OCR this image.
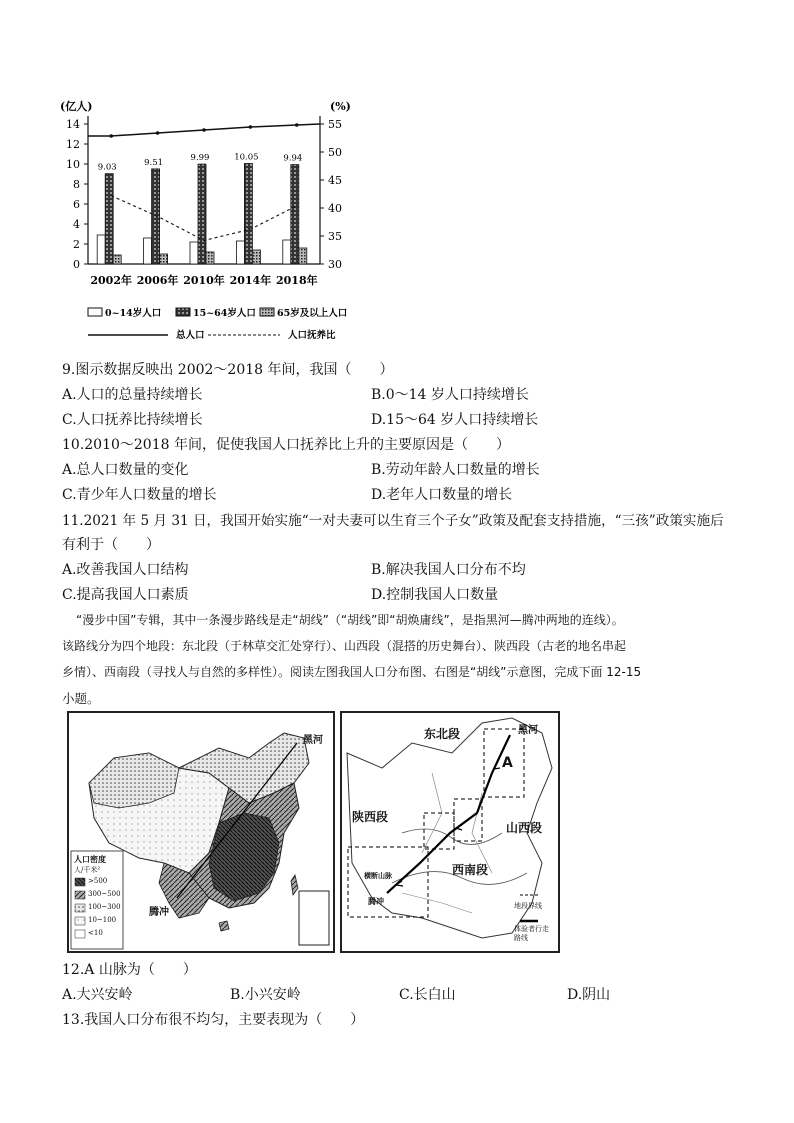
(亿人)	(%)
0
2
4
6
8
10
12
14
30
35
40
45
50
55
2002年 2006年 2010年 2014年 2018年
9.03	9.51	9.99	10.05	9.94
0~14岁人口	15~64岁人口 65岁及以上人口
总人口	人口抚养比
9.图示数据反映出 2002～2018 年间，我国（　　）
A.人口的总量持续增长	B.0～14 岁人口持续增长
C.人口抚养比持续增长	D.15～64 岁人口持续增长
10.2010～2018 年间，促使我国人口抚养比上升的主要原因是（　　）
A.总人口数量的变化	B.劳动年龄人口数量的增长
C.青少年人口数量的增长	D.老年人口数量的增长
11.2021 年 5 月 31 日，我国开始实施“一对夫妻可以生育三个子女”政策及配套支持措施，“三孩”政策实施后
有利于（　　）
A.改善我国人口结构	B.解决我国人口分布不均
C.提高我国人口素质	D.控制我国人口数量
“漫步中国”专辑，其中一条漫步路线是走“胡线”（“胡线”即“胡焕庸线”，是指黑河—腾冲两地的连线）。
该路线分为四个地段：东北段（于林草交汇处穿行）、山西段（混搭的历史舞台）、陕西段（古老的地名串起
乡情）、西南段（寻找人与自然的多样性）。阅读左图我国人口分布图、右图是“胡线”示意图，完成下面 12-15
小题。
黑河
腾冲
人口密度
人/千米²
>500
300~500
100~300
10~100
<10
东北段	黑河
A
陕西段
山西段
西南段
横断山脉
腾冲	地段界线
体验者行走路线
12.A 山脉为（　　）
A.大兴安岭	B.小兴安岭	C.长白山	D.阴山
13.我国人口分布很不均匀，主要表现为（　　）
